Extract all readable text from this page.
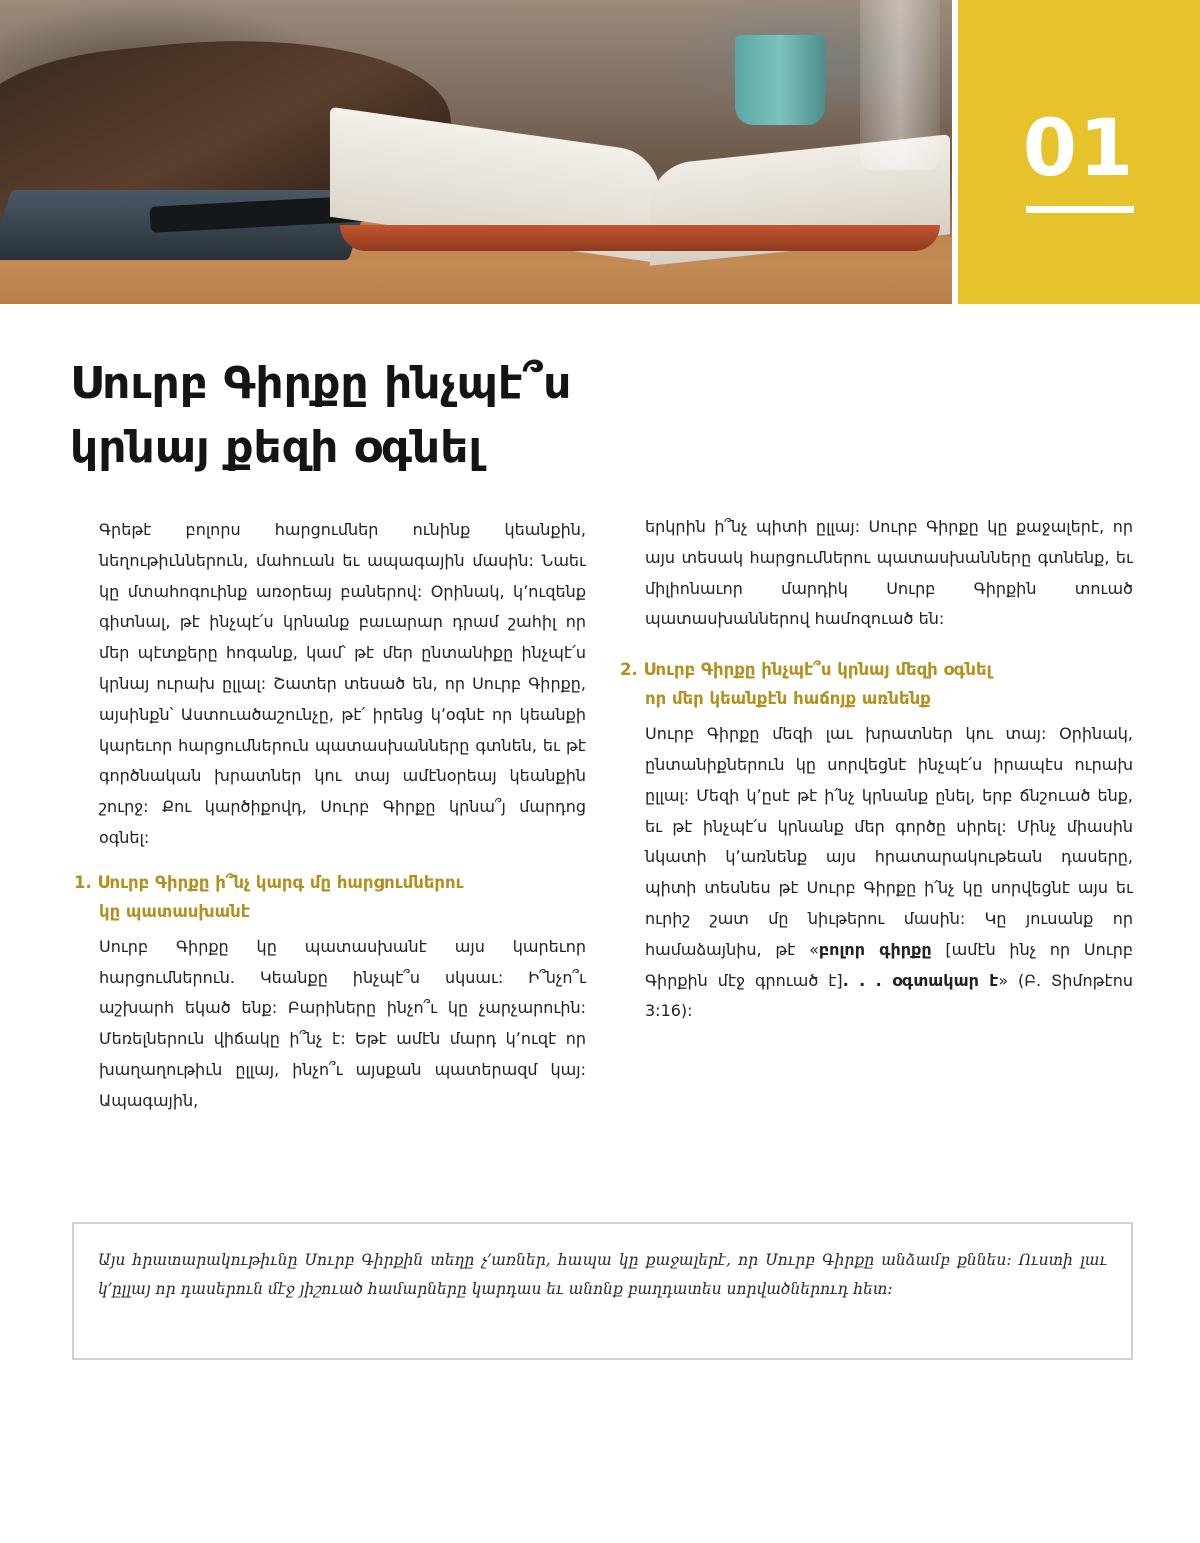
01
Սուրբ Գիրքը ինչպէ՞ս
կրնայ քեզի օգնել

Գրեթէ բոլորս հարցումներ ունինք կեանքին, նեղութիւններուն, մահուան եւ ապագային մասին: Նաեւ կը մտահոգուինք առօրեայ բաներով: Օրինակ, կ՚ուզենք գիտնալ, թէ ինչպէ՛ս կրնանք բաւարար դրամ շահիլ որ մեր պէտքերը հոգանք, կամ՝ թէ մեր ընտանիքը ինչպէ՛ս կրնայ ուրախ ըլլալ: Շատեր տեսած են, որ Սուրբ Գիրքը, այսինքն՝ Աստուածաշունչը, թէ՛ իրենց կ՚օգնէ որ կեանքի կարեւոր հարցումներուն պատասխանները գտնեն, եւ թէ գործնական խրատներ կու տայ ամէնօրեայ կեանքին շուրջ: Քու կարծիքովդ, Սուրբ Գիրքը կրնա՞յ մարդոց օգնել:

1. Սուրբ Գիրքը ի՞նչ կարգ մը հարցումներու
կը պատասխանէ

Սուրբ Գիրքը կը պատասխանէ այս կարեւոր հարցումներուն. Կեանքը ինչպէ՞ս սկսաւ: Ի՞նչո՞ւ աշխարհ եկած ենք: Բարիները ինչո՞ւ կը չարչարուին: Մեռելներուն վիճակը ի՞նչ է: Եթէ ամէն մարդ կ՚ուզէ որ խաղաղութիւն ըլլայ, ինչո՞ւ այսքան պատերազմ կայ: Ապագային,

երկրին ի՞նչ պիտի ըլլայ: Սուրբ Գիրքը կը քաջալերէ, որ այս տեսակ հարցումներու պատասխանները գտնենք, եւ միլիոնաւոր մարդիկ Սուրբ Գիրքին տուած պատասխաններով համոզուած են:

2. Սուրբ Գիրքը ինչպէ՞ս կրնայ մեզի օգնել
որ մեր կեանքէն հաճոյք առնենք

Սուրբ Գիրքը մեզի լաւ խրատներ կու տայ: Օրինակ, ընտանիքներուն կը սորվեցնէ ինչպէ՛ս իրապէս ուրախ ըլլալ: Մեզի կ՚ըսէ թէ ի՛նչ կրնանք ընել, երբ ճնշուած ենք, եւ թէ ինչպէ՛ս կրնանք մեր գործը սիրել: Մինչ միասին նկատի կ՚առնենք այս հրատարակութեան դասերը, պիտի տեսնես թէ Սուրբ Գիրքը ի՛նչ կը սորվեցնէ այս եւ ուրիշ շատ մը նիւթերու մասին: Կը յուսանք որ համաձայնիս, թէ «բոլոր գիրքը [ամէն ինչ որ Սուրբ Գիրքին մէջ գրուած է]. . . օգտակար է» (Բ. Տիմոթէոս 3:16):

Այս հրատարակութիւնը Սուրբ Գիրքին տեղը չ՚առներ, հապա կը քաջալերէ, որ Սուրբ Գիրքը անձամբ քննես: Ուստի լաւ կ՚ըլլայ որ դասերուն մէջ յիշուած համարները կարդաս եւ անոնք բաղդատես սորվածներուդ հետ:
